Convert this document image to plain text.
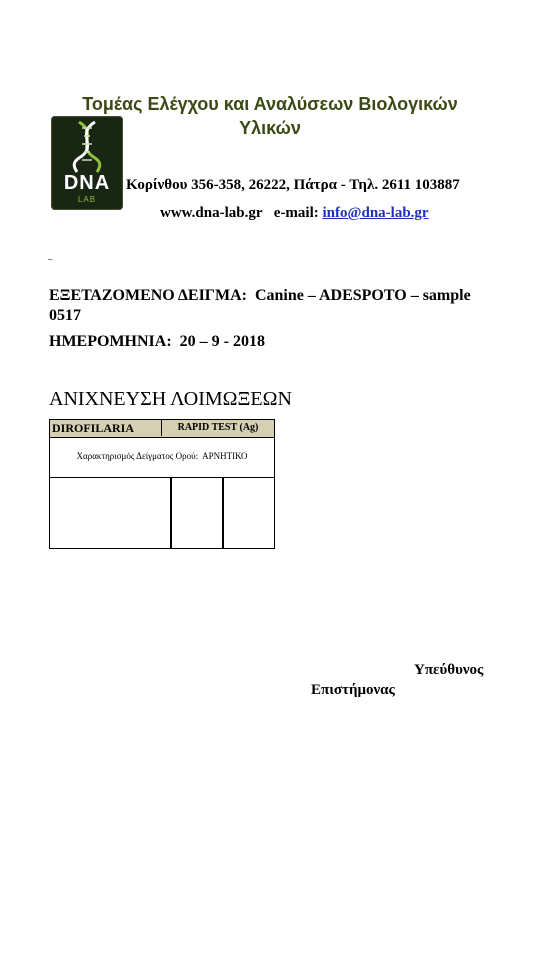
Τομέας Ελέγχου και Αναλύσεων Βιολογικών
Υλικών
DNA
LAB
Κορίνθου 356-358, 26222, Πάτρα - Τηλ. 2611 103887
www.dna-lab.gr e-mail: info@dna-lab.gr
_
ΕΞΕΤΑΖΟΜΕΝΟ ΔΕΙΓΜΑ: Canine – ADESPOTO – sample 0517
ΗΜΕΡΟΜΗΝΙΑ: 20 – 9 - 2018
ΑΝΙΧΝΕΥΣΗ ΛΟΙΜΩΞΕΩΝ
DIROFILARIA	RAPID TEST (Ag)
Χαρακτηρισμός Δείγματος Ορού: ΑΡΝΗΤΙΚΟ
Υπεύθυνος
Επιστήμονας
